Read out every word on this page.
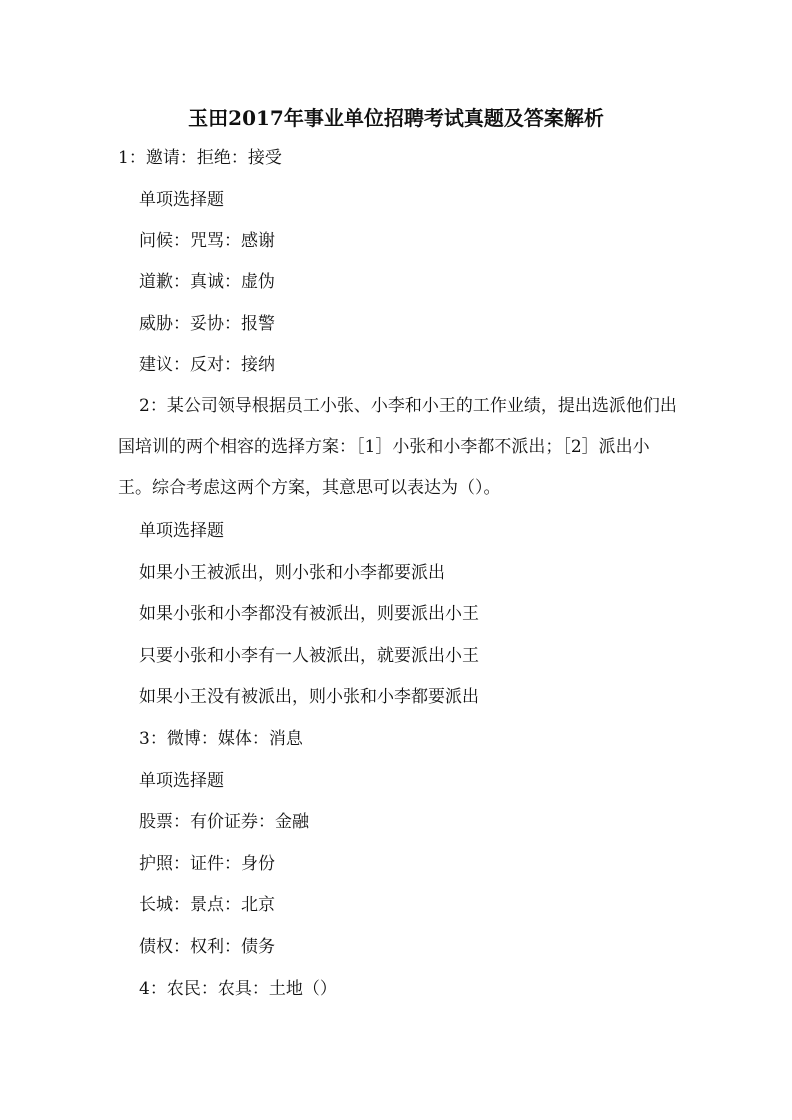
玉田2017年事业单位招聘考试真题及答案解析
1：邀请：拒绝：接受
单项选择题
问候：咒骂：感谢
道歉：真诚：虚伪
威胁：妥协：报警
建议：反对：接纳
2：某公司领导根据员工小张、小李和小王的工作业绩，提出选派他们出国培训的两个相容的选择方案：［1］小张和小李都不派出；［2］派出小王。综合考虑这两个方案，其意思可以表达为（）。
单项选择题
如果小王被派出，则小张和小李都要派出
如果小张和小李都没有被派出，则要派出小王
只要小张和小李有一人被派出，就要派出小王
如果小王没有被派出，则小张和小李都要派出
3：微博：媒体：消息
单项选择题
股票：有价证券：金融
护照：证件：身份
长城：景点：北京
债权：权利：债务
4：农民：农具：土地（）
